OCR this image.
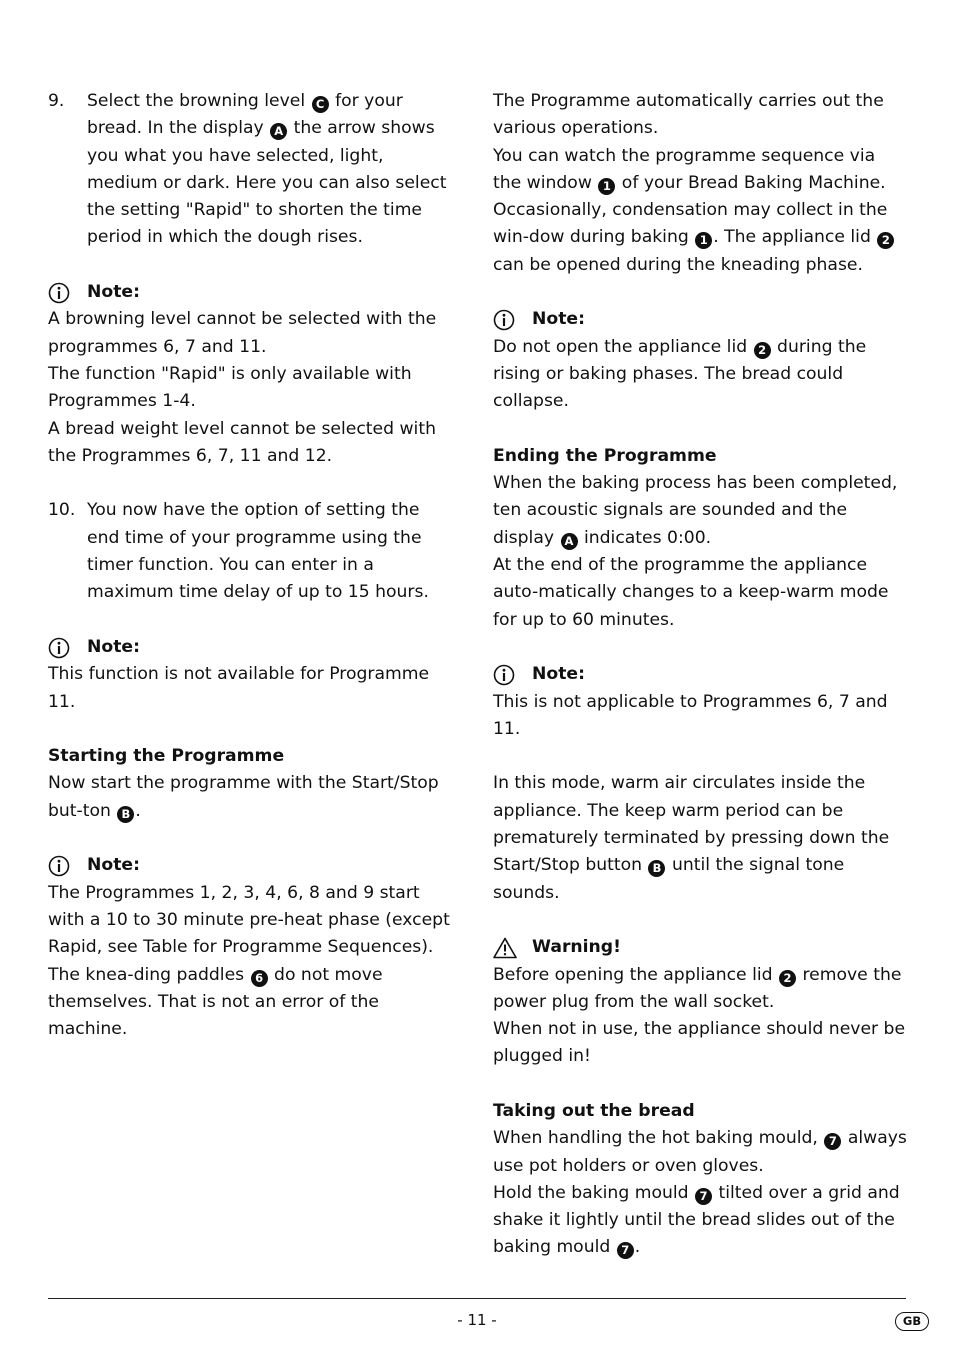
9.	Select the browning level C for your bread. In the display A the arrow shows you what you have selected, light, medium or dark. Here you can also select the setting "Rapid" to shorten the time period in which the dough rises.

Note:

A browning level cannot be selected with the programmes 6, 7 and 11.

The function "Rapid" is only available with Programmes 1-4.

A bread weight level cannot be selected with the Programmes 6, 7, 11 and 12.

10. You now have the option of setting the end time of your programme using the timer function. You can enter in a maximum time delay of up to 15 hours.

Note:

This function is not available for Programme 11.

Starting the Programme

Now start the programme with the Start/Stop but-ton B .

Note:

The Programmes 1, 2, 3, 4, 6, 8 and 9 start with a 10 to 30 minute pre-heat phase (except Rapid, see Table for Programme Sequences). The knea-ding paddles 6 do not move themselves. That is not an error of the machine.

The Programme automatically carries out the various operations.

You can watch the programme sequence via the window 1 of your Bread Baking Machine. Occasionally, condensation may collect in the win-dow during baking 1 . The appliance lid 2 can be opened during the kneading phase.

Note:

Do not open the appliance lid 2 during the rising or baking phases. The bread could collapse.

Ending the Programme

When the baking process has been completed, ten acoustic signals are sounded and the display A indicates 0:00.

At the end of the programme the appliance auto-matically changes to a keep-warm mode for up to 60 minutes.

Note:

This is not applicable to Programmes 6, 7 and 11.

In this mode, warm air circulates inside the appliance. The keep warm period can be prematurely terminated by pressing down the Start/Stop button B until the signal tone sounds.

Warning!

Before opening the appliance lid 2 remove the power plug from the wall socket.

When not in use, the appliance should never be plugged in!

Taking out the bread

When handling the hot baking mould, 7 always use pot holders or oven gloves.

Hold the baking mould 7 tilted over a grid and shake it lightly until the bread slides out of the baking mould 7 .

- 11 -	GB
